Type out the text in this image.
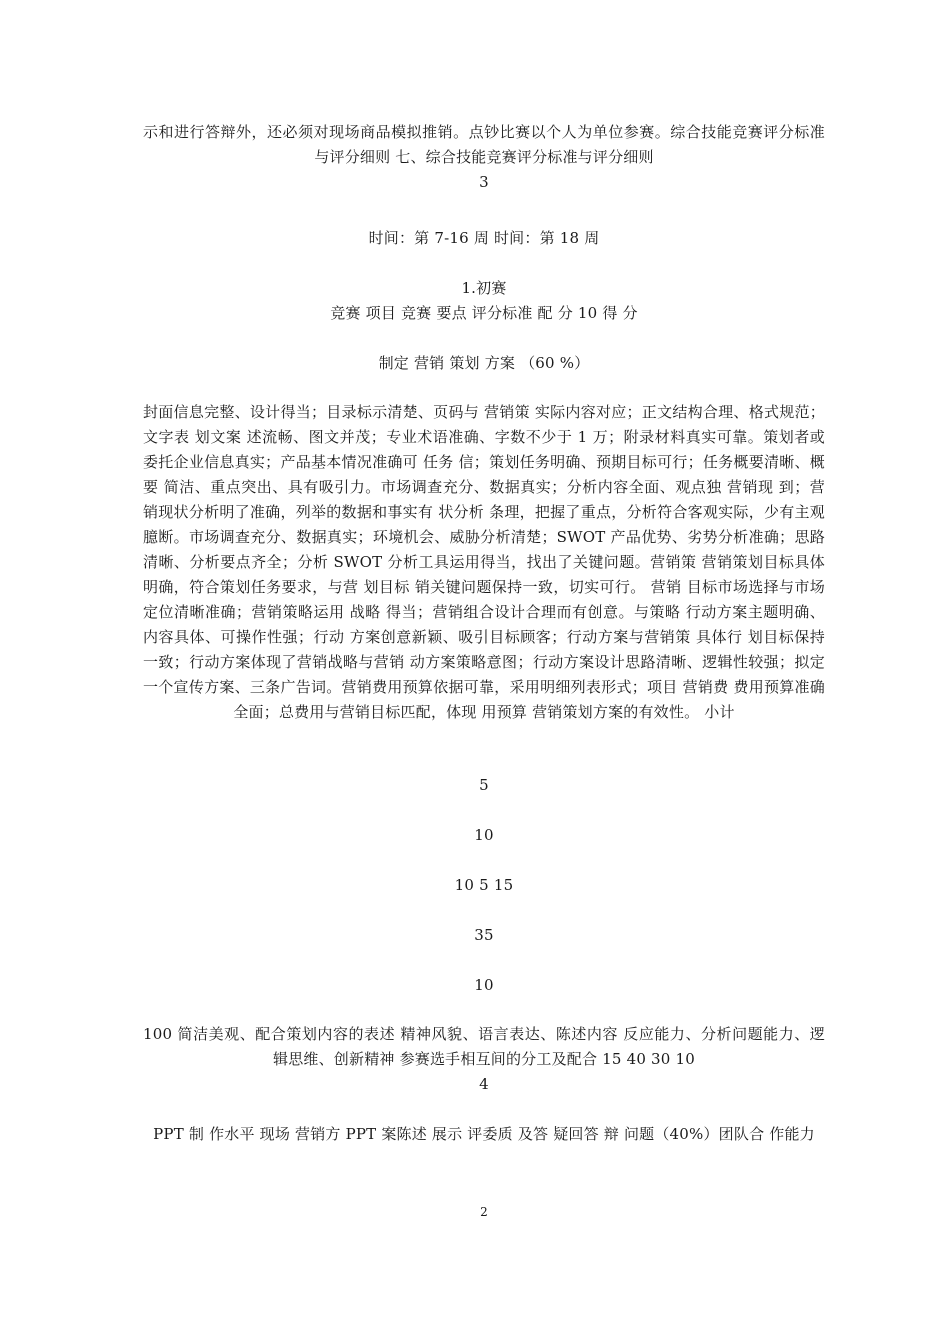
示和进行答辩外，还必须对现场商品模拟推销。点钞比赛以个人为单位参赛。综合技能竞赛评分标准与评分细则 七、综合技能竞赛评分标准与评分细则
3
时间：第 7-16 周 时间：第 18 周
1.初赛
竞赛 项目 竞赛 要点 评分标准 配 分 10 得 分
制定 营销 策划 方案 （60 %）
封面信息完整、设计得当；目录标示清楚、页码与 营销策 实际内容对应；正文结构合理、格式规范；文字表 划文案 述流畅、图文并茂；专业术语准确、字数不少于 1 万；附录材料真实可靠。策划者或委托企业信息真实；产品基本情况准确可 任务 信；策划任务明确、预期目标可行；任务概要清晰、概要 简洁、重点突出、具有吸引力。市场调查充分、数据真实；分析内容全面、观点独 营销现 到；营销现状分析明了准确，列举的数据和事实有 状分析 条理，把握了重点，分析符合客观实际，少有主观 臆断。市场调查充分、数据真实；环境机会、威胁分析清楚；SWOT 产品优势、劣势分析准确；思路清晰、分析要点齐全；分析 SWOT 分析工具运用得当，找出了关键问题。营销策 营销策划目标具体明确，符合策划任务要求，与营 划目标 销关键问题保持一致，切实可行。 营销 目标市场选择与市场定位清晰准确；营销策略运用 战略 得当；营销组合设计合理而有创意。与策略 行动方案主题明确、内容具体、可操作性强；行动 方案创意新颖、吸引目标顾客；行动方案与营销策 具体行 划目标保持一致；行动方案体现了营销战略与营销 动方案策略意图；行动方案设计思路清晰、逻辑性较强；拟定一个宣传方案、三条广告词。营销费用预算依据可靠，采用明细列表形式；项目 营销费 费用预算准确全面；总费用与营销目标匹配，体现 用预算 营销策划方案的有效性。 小计
5
10
10 5 15
35
10
100 简洁美观、配合策划内容的表述 精神风貌、语言表达、陈述内容 反应能力、分析问题能力、逻辑思维、创新精神 参赛选手相互间的分工及配合 15 40 30 10
4
PPT 制 作水平 现场 营销方 PPT 案陈述 展示 评委质 及答 疑回答 辩 问题（40%）团队合 作能力
2
